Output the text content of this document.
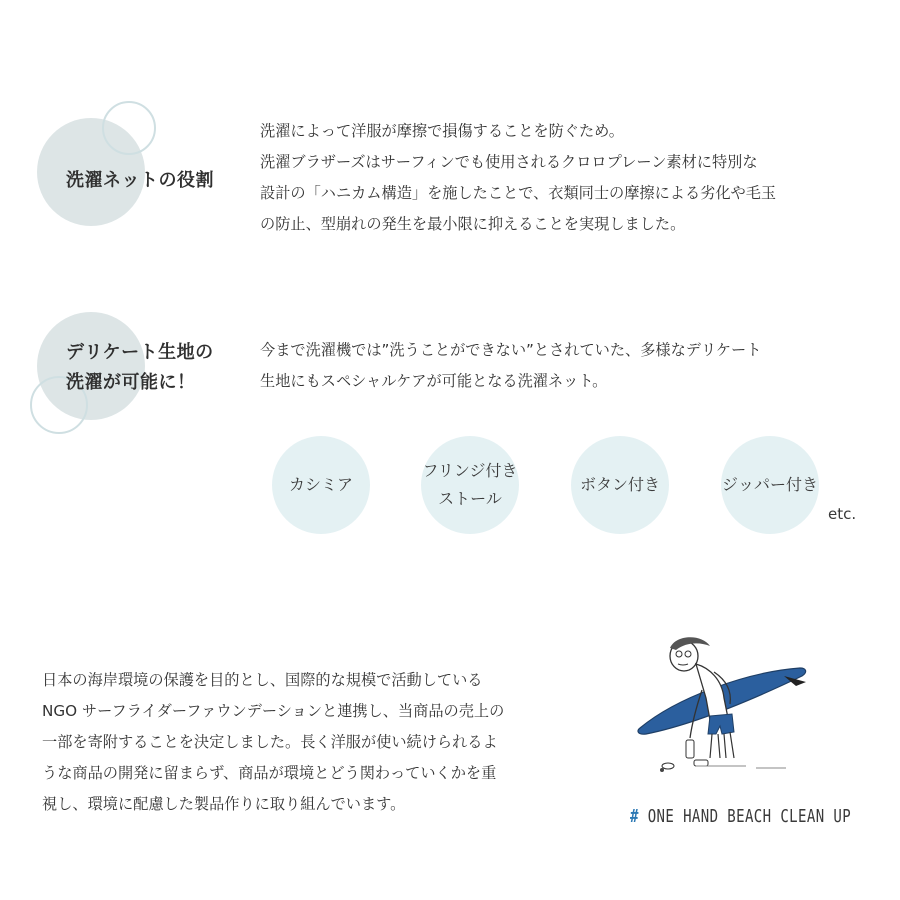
洗濯ネットの役割

洗濯によって洋服が摩擦で損傷することを防ぐため。

洗濯ブラザーズはサーフィンでも使用されるクロロプレーン素材に特別な

設計の「ハニカム構造」を施したことで、衣類同士の摩擦による劣化や毛玉

の防止、型崩れの発生を最小限に抑えることを実現しました。

デリケート生地の
洗濯が可能に！

今まで洗濯機では”洗うことができない”とされていた、多様なデリケート

生地にもスペシャルケアが可能となる洗濯ネット。

カシミア
フリンジ付き
ストール
ボタン付き	ジッパー付き
etc.

日本の海岸環境の保護を目的とし、国際的な規模で活動している

NGO サーフライダーファウンデーションと連携し、当商品の売上の

一部を寄附することを決定しました。長く洋服が使い続けられるよ

うな商品の開発に留まらず、商品が環境とどう関わっていくかを重

視し、環境に配慮した製品作りに取り組んでいます。

# ONE HAND BEACH CLEAN UP
